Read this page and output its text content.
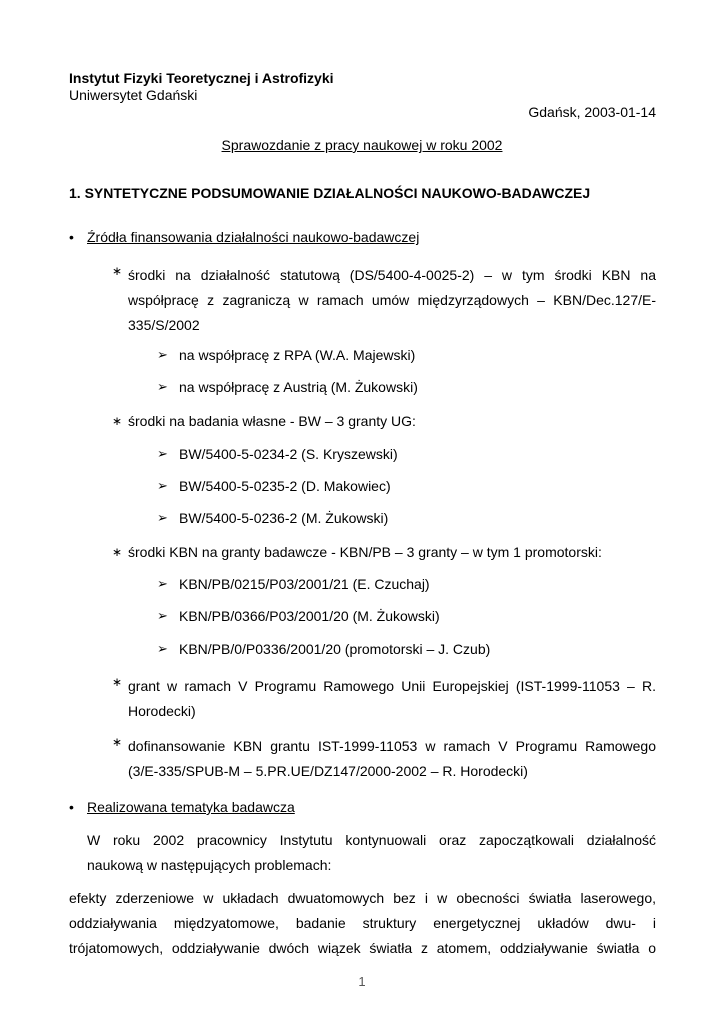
Instytut Fizyki Teoretycznej i Astrofizyki
Uniwersytet Gdański
Gdańsk, 2003-01-14
Sprawozdanie z pracy naukowej w roku 2002
1. SYNTETYCZNE PODSUMOWANIE DZIAŁALNOŚCI NAUKOWO-BADAWCZEJ
• Źródła finansowania działalności naukowo-badawczej
∗ środki na działalność statutową (DS/5400-4-0025-2) – w tym środki KBN na
współpracę z zagraniczą w ramach umów międzyrządowych – KBN/Dec.127/E-
335/S/2002
➢ na współpracę z RPA (W.A. Majewski)
➢ na współpracę z Austrią (M. Żukowski)
∗ środki na badania własne - BW – 3 granty UG:
➢ BW/5400-5-0234-2 (S. Kryszewski)
➢ BW/5400-5-0235-2 (D. Makowiec)
➢ BW/5400-5-0236-2 (M. Żukowski)
∗ środki KBN na granty badawcze - KBN/PB – 3 granty – w tym 1 promotorski:
➢ KBN/PB/0215/P03/2001/21 (E. Czuchaj)
➢ KBN/PB/0366/P03/2001/20 (M. Żukowski)
➢ KBN/PB/0/P0336/2001/20 (promotorski – J. Czub)
∗ grant w ramach V Programu Ramowego Unii Europejskiej (IST-1999-11053 – R.
Horodecki)
∗ dofinansowanie KBN grantu IST-1999-11053 w ramach V Programu Ramowego
(3/E-335/SPUB-M – 5.PR.UE/DZ147/2000-2002 – R. Horodecki)
• Realizowana tematyka badawcza
W roku 2002 pracownicy Instytutu kontynuowali oraz zapoczątkowali działalność
naukową w następujących problemach:
efekty zderzeniowe w układach dwuatomowych bez i w obecności światła laserowego,
oddziaływania międzyatomowe, badanie struktury energetycznej układów dwu- i
trójatomowych, oddziaływanie dwóch wiązek światła z atomem, oddziaływanie światła o
1
